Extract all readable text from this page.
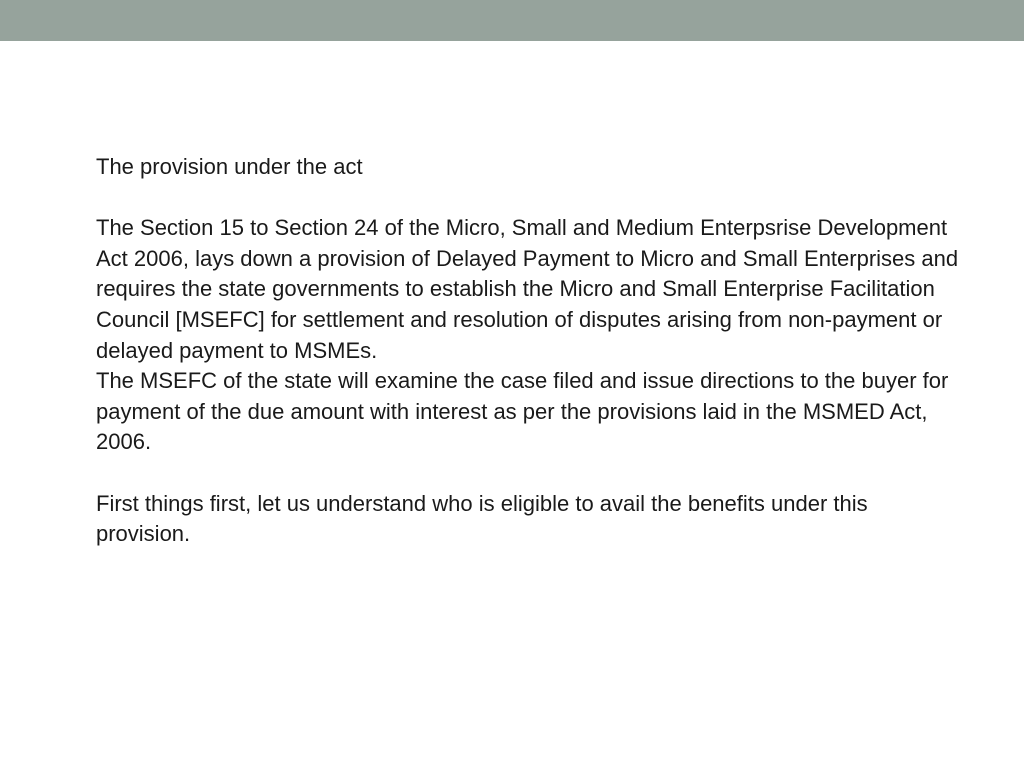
The provision under the act

The Section 15 to Section 24 of the Micro, Small and Medium Enterpsrise Development Act 2006, lays down a provision of Delayed Payment to Micro and Small Enterprises and requires the state governments to establish the Micro and Small Enterprise Facilitation Council [MSEFC] for settlement and resolution of disputes arising from non-payment or delayed payment to MSMEs.

The MSEFC of the state will examine the case filed and issue directions to the buyer for payment of the due amount with interest as per the provisions laid in the MSMED Act, 2006.

First things first, let us understand who is eligible to avail the benefits under this provision.
